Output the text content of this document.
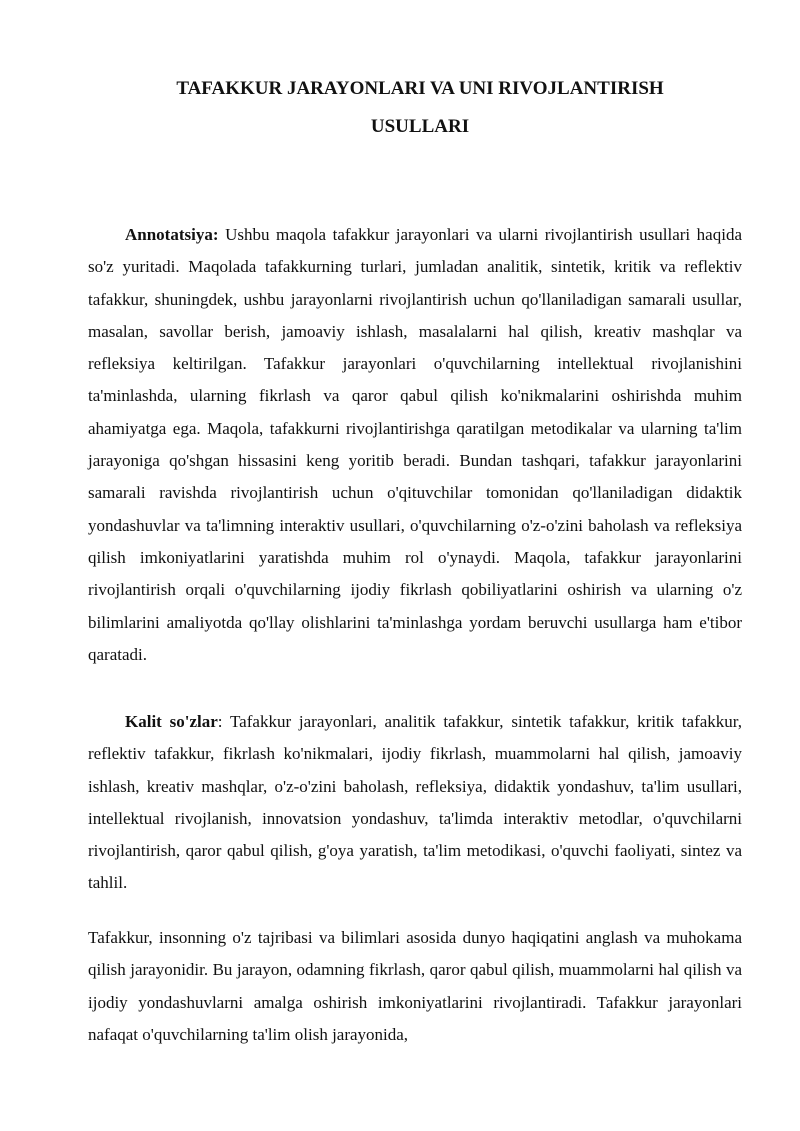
TAFAKKUR JARAYONLARI VA UNI RIVOJLANTIRISH
USULLARI

Annotatsiya: Ushbu maqola tafakkur jarayonlari va ularni rivojlantirish usullari haqida so'z yuritadi. Maqolada tafakkurning turlari, jumladan analitik, sintetik, kritik va reflektiv tafakkur, shuningdek, ushbu jarayonlarni rivojlantirish uchun qo'llaniladigan samarali usullar, masalan, savollar berish, jamoaviy ishlash, masalalarni hal qilish, kreativ mashqlar va refleksiya keltirilgan. Tafakkur jarayonlari o'quvchilarning intellektual rivojlanishini ta'minlashda, ularning fikrlash va qaror qabul qilish ko'nikmalarini oshirishda muhim ahamiyatga ega. Maqola, tafakkurni rivojlantirishga qaratilgan metodikalar va ularning ta'lim jarayoniga qo'shgan hissasini keng yoritib beradi. Bundan tashqari, tafakkur jarayonlarini samarali ravishda rivojlantirish uchun o'qituvchilar tomonidan qo'llaniladigan didaktik yondashuvlar va ta'limning interaktiv usullari, o'quvchilarning o'z-o'zini baholash va refleksiya qilish imkoniyatlarini yaratishda muhim rol o'ynaydi. Maqola, tafakkur jarayonlarini rivojlantirish orqali o'quvchilarning ijodiy fikrlash qobiliyatlarini oshirish va ularning o'z bilimlarini amaliyotda qo'llay olishlarini ta'minlashga yordam beruvchi usullarga ham e'tibor qaratadi.

Kalit so'zlar: Tafakkur jarayonlari, analitik tafakkur, sintetik tafakkur, kritik tafakkur, reflektiv tafakkur, fikrlash ko'nikmalari, ijodiy fikrlash, muammolarni hal qilish, jamoaviy ishlash, kreativ mashqlar, o'z-o'zini baholash, refleksiya, didaktik yondashuv, ta'lim usullari, intellektual rivojlanish, innovatsion yondashuv, ta'limda interaktiv metodlar, o'quvchilarni rivojlantirish, qaror qabul qilish, g'oya yaratish, ta'lim metodikasi, o'quvchi faoliyati, sintez va tahlil.

Tafakkur, insonning o'z tajribasi va bilimlari asosida dunyo haqiqatini anglash va muhokama qilish jarayonidir. Bu jarayon, odamning fikrlash, qaror qabul qilish, muammolarni hal qilish va ijodiy yondashuvlarni amalga oshirish imkoniyatlarini rivojlantiradi. Tafakkur jarayonlari nafaqat o'quvchilarning ta'lim olish jarayonida,
